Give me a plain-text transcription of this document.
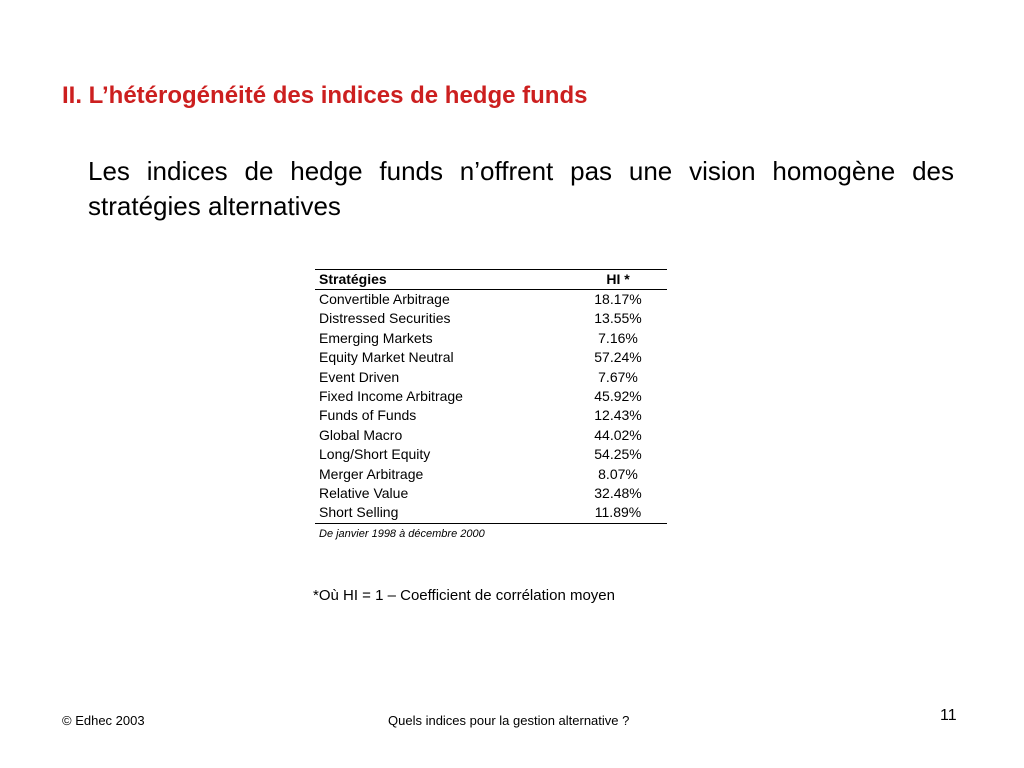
II. L’hétérogénéité des indices de hedge funds
Les indices de hedge funds n’offrent pas une vision homogène des stratégies alternatives
Stratégies	HI *
Convertible Arbitrage	18.17%
Distressed Securities	13.55%
Emerging Markets	7.16%
Equity Market Neutral	57.24%
Event Driven	7.67%
Fixed Income Arbitrage	45.92%
Funds of Funds	12.43%
Global Macro	44.02%
Long/Short Equity	54.25%
Merger Arbitrage	8.07%
Relative Value	32.48%
Short Selling	11.89%
De janvier 1998 à décembre 2000
*Où HI = 1 – Coefficient de corrélation moyen
© Edhec 2003	Quels indices pour la gestion alternative ?	11
